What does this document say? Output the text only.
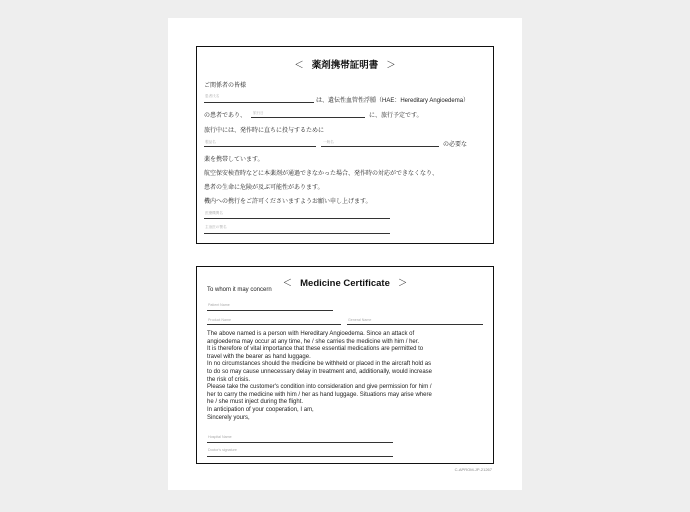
＜ 薬剤携帯証明書 ＞
ご関係者の皆様
患者氏名
は、遺伝性血管性浮腫（HAE：Hereditary Angioedema）
の患者であり、 旅行日	に、旅行予定です。
旅行中には、発作時に直ちに投与するために
製品名	一般名	の必要な
薬を携帯しています。
航空保安検査時などに本薬剤が通過できなかった場合、発作時の対応ができなくなり、
患者の生命に危険が及ぶ可能性があります。
機内への携行をご許可くださいますようお願い申し上げます。
医療機関名
主治医の署名
＜ Medicine Certificate ＞
To whom it may concern
Patient Name
Product Name	General Name
The above named is a person with Hereditary Angioedema. Since an attack of
angioedema may occur at any time, he / she carries the medicine with him / her.
It is therefore of vital importance that these essential medications are permitted to
travel with the bearer as hand luggage.
In no circumstances should the medicine be withheld or placed in the aircraft hold as
to do so may cause unnecessary delay in treatment and, additionally, would increase
the risk of crisis.
Please take the customer's condition into consideration and give permission for him /
her to carry the medicine with him / her as hand luggage. Situations may arise where
he / she must inject during the flight.
In anticipation of your cooperation, I am,
Sincerely yours,
Hospital Name
Doctor's signature
C-APROM-JP-21267
